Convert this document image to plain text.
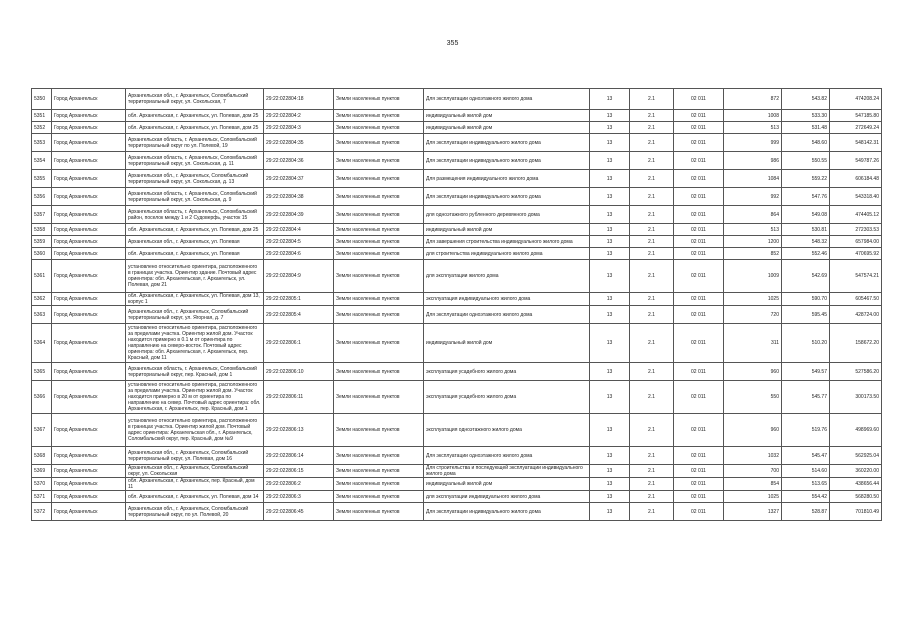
355
5350	Город Архангельск	Архангельская обл., г. Архангельск, Соломбальский территориальный округ, ул. Сокольская, 7	29:22:022804:18	Земли населенных пунктов	Для эксплуатации одноэтажного жилого дома	13	2.1	02 011	872	543.82	474208.24
5351	Город Архангельск	обл. Архангельская, г. Архангельск, ул. Полевая, дом 25	29:22:022804:2	Земли населенных пунктов	индивидуальный жилой дом	13	2.1	02 011	1008	533.30	547185.80
5352	Город Архангельск	обл. Архангельская, г. Архангельск, ул. Полевая, дом 25	29:22:022804:3	Земли населенных пунктов	индивидуальный жилой дом	13	2.1	02 011	513	531.48	272649.24
5353	Город Архангельск	Архангельская область, г. Архангельск, Соломбальский территориальный округ по ул. Полевой, 19	29:22:022804:35	Земли населенных пунктов	Для эксплуатации индивидуального жилого дома	13	2.1	02 011	999	548.60	548142.31
5354	Город Архангельск	Архангельская область, г. Архангельск, Соломбальский территориальный округ, ул. Сокольская, д. 11	29:22:022804:36	Земли населенных пунктов	Для эксплуатации индивидуального жилого дома	13	2.1	02 011	986	550.55	549787.26
5355	Город Архангельск	Архангельская обл., г. Архангельск, Соломбальский территориальный округ, ул. Сокольская, д. 13	29:22:022804:37	Земли населенных пунктов	Для размещения индивидуального жилого дома	13	2.1	02 011	1084	559.22	606184.48
5356	Город Архангельск	Архангельская область, г. Архангельск, Соломбальский территориальный округ, ул. Сокольская, д. 9	29:22:022804:38	Земли населенных пунктов	Для эксплуатации индивидуального жилого дома	13	2.1	02 011	992	547.76	543318.40
5357	Город Архангельск	Архангельская область, г. Архангельск, Соломбальский район, поселок между 1 и 2 Судоверфь, участок 15	29:22:022804:39	Земли населенных пунктов	для одноэтажного рубленного деревянного дома	13	2.1	02 011	864	549.08	474405.12
5358	Город Архангельск	обл. Архангельская, г. Архангельск, ул. Полевая, дом 25	29:22:022804:4	Земли населенных пунктов	индивидуальный жилой дом	13	2.1	02 011	513	530.81	272303.53
5359	Город Архангельск	Архангельская обл., г. Архангельск, ул. Полевая	29:22:022804:5	Земли населенных пунктов	Для завершения строительства индивидуального жилого дома	13	2.1	02 011	1200	548.32	657984.00
5360	Город Архангельск	обл. Архангельская, г. Архангельск, ул. Полевая	29:22:022804:6	Земли населенных пунктов	для строительства индивидуального жилого дома	13	2.1	02 011	852	552.46	470695.92
5361	Город Архангельск	установлено относительно ориентира, расположенного в границах участка. Ориентир здание. Почтовый адрес ориентира: обл. Архангельская, г. Архангельск, ул. Полевая, дом 21	29:22:022804:9	Земли населенных пунктов	для эксплуатации жилого дома	13	2.1	02 011	1009	542.69	547574.21
5362	Город Архангельск	обл. Архангельская, г. Архангельск, ул. Полевая, дом 13, корпус 1	29:22:022805:1	Земли населенных пунктов	эксплуатация индивидуального жилого дома	13	2.1	02 011	1025	590.70	605467.50
5363	Город Архангельск	Архангельская обл., г. Архангельск, Соломбальский территориальный округ, ул. Ягорная, д. 7	29:22:022805:4	Земли населенных пунктов	Для эксплуатации одноэтажного жилого дома	13	2.1	02 011	720	595.45	428724.00
5364	Город Архангельск	установлено относительно ориентира, расположенного за пределами участка. Ориентир жилой дом. Участок находится примерно в 0.1 м от ориентира по направлению на северо-восток. Почтовый адрес ориентира: обл. Архангельская, г. Архангельск, пер. Красный, дом 11	29:22:022806:1	Земли населенных пунктов	индивидуальный жилой дом	13	2.1	02 011	311	510.20	158672.20
5365	Город Архангельск	Архангельская область, г. Архангельск, Соломбальский территориальный округ, пер. Красный, дом 1	29:22:022806:10	Земли населенных пунктов	эксплуатация усадебного жилого дома	13	2.1	02 011	960	549.57	527586.20
5366	Город Архангельск	установлено относительно ориентира, расположенного за пределами участка. Ориентир жилой дом. Участок находится примерно в 20 м от ориентира по направлению на север. Почтовый адрес ориентира: обл. Архангельская, г. Архангельск, пер. Красный, дом 1	29:22:022806:11	Земли населенных пунктов	эксплуатация усадебного жилого дома	13	2.1	02 011	550	545.77	300173.50
5367	Город Архангельск	установлено относительно ориентира, расположенного в границах участка. Ориентир жилой дом. Почтовый адрес ориентира: Архангельская обл., г. Архангельск, Соломбальский округ, пер. Красный, дом №9	29:22:022806:13	Земли населенных пунктов	эксплуатация одноэтажного жилого дома	13	2.1	02 011	960	519.76	498969.60
5368	Город Архангельск	Архангельская обл., г. Архангельск, Соломбальский территориальный округ, ул. Полевая, дом 16	29:22:022806:14	Земли населенных пунктов	Для эксплуатации одноэтажного жилого дома	13	2.1	02 011	1032	545.47	562925.04
5369	Город Архангельск	Архангельская обл., г. Архангельск, Соломбальский округ, ул. Сокольская	29:22:022806:15	Земли населенных пунктов	Для строительства и последующей эксплуатации индивидуального жилого дома	13	2.1	02 011	700	514.60	360220.00
5370	Город Архангельск	обл. Архангельская, г. Архангельск, пер. Красный, дом 11	29:22:022806:2	Земли населенных пунктов	индивидуальный жилой дом	13	2.1	02 011	854	513.65	438656.44
5371	Город Архангельск	обл. Архангельская, г. Архангельск, ул. Полевая, дом 14	29:22:022806:3	Земли населенных пунктов	для эксплуатации индивидуального жилого дома	13	2.1	02 011	1025	554.42	568280.50
5372	Город Архангельск	Архангельская обл., г. Архангельск, Соломбальский территориальный округ, по ул. Полевой, 20	29:22:022806:45	Земли населенных пунктов	Для эксплуатации индивидуального жилого дома	13	2.1	02 011	1327	528.87	701810.49
